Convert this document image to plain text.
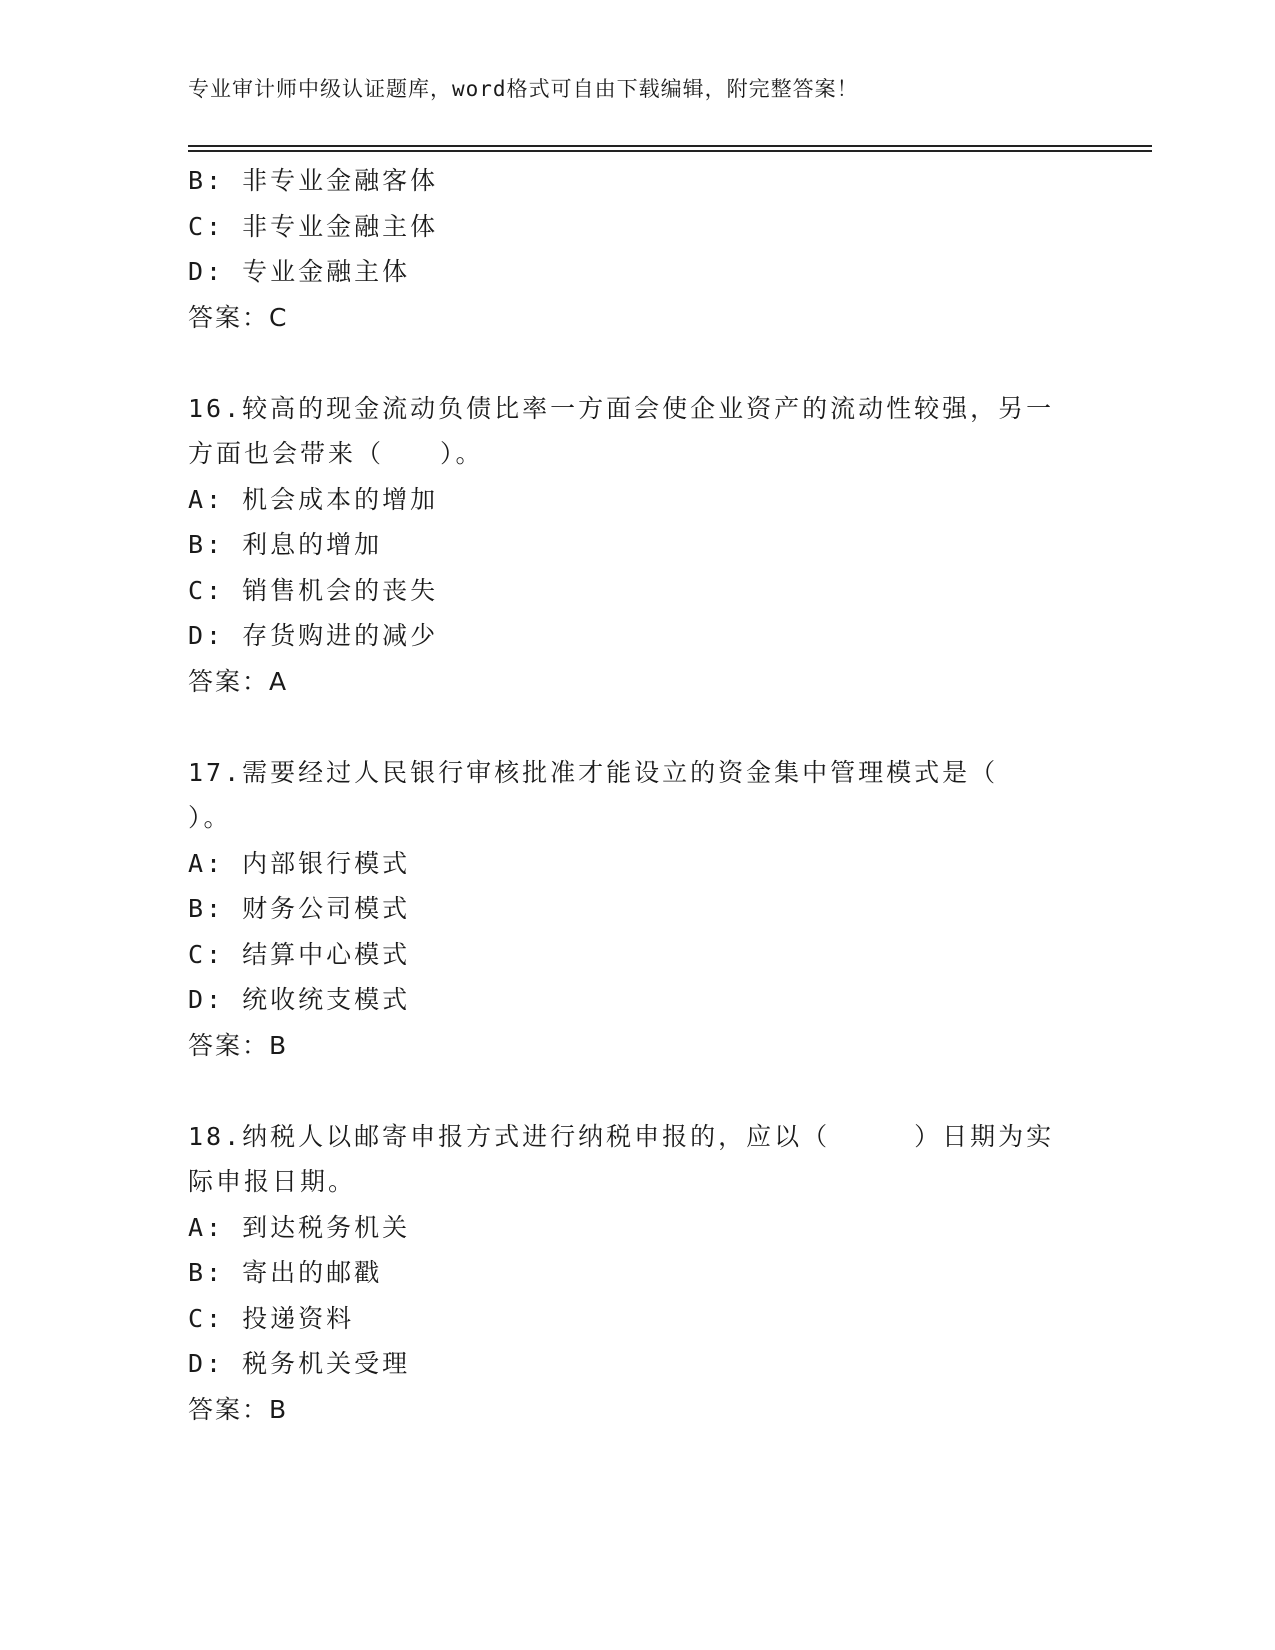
专业审计师中级认证题库，word格式可自由下载编辑，附完整答案！
B: 非专业金融客体
C: 非专业金融主体
D: 专业金融主体
答案：C
16.较高的现金流动负债比率一方面会使企业资产的流动性较强，另一
方面也会带来（　　）。
A: 机会成本的增加
B: 利息的增加
C: 销售机会的丧失
D: 存货购进的减少
答案：A
17.需要经过人民银行审核批准才能设立的资金集中管理模式是（
）。
A: 内部银行模式
B: 财务公司模式
C: 结算中心模式
D: 统收统支模式
答案：B
18.纳税人以邮寄申报方式进行纳税申报的，应以（　　　）日期为实
际申报日期。
A: 到达税务机关
B: 寄出的邮戳
C: 投递资料
D: 税务机关受理
答案：B
